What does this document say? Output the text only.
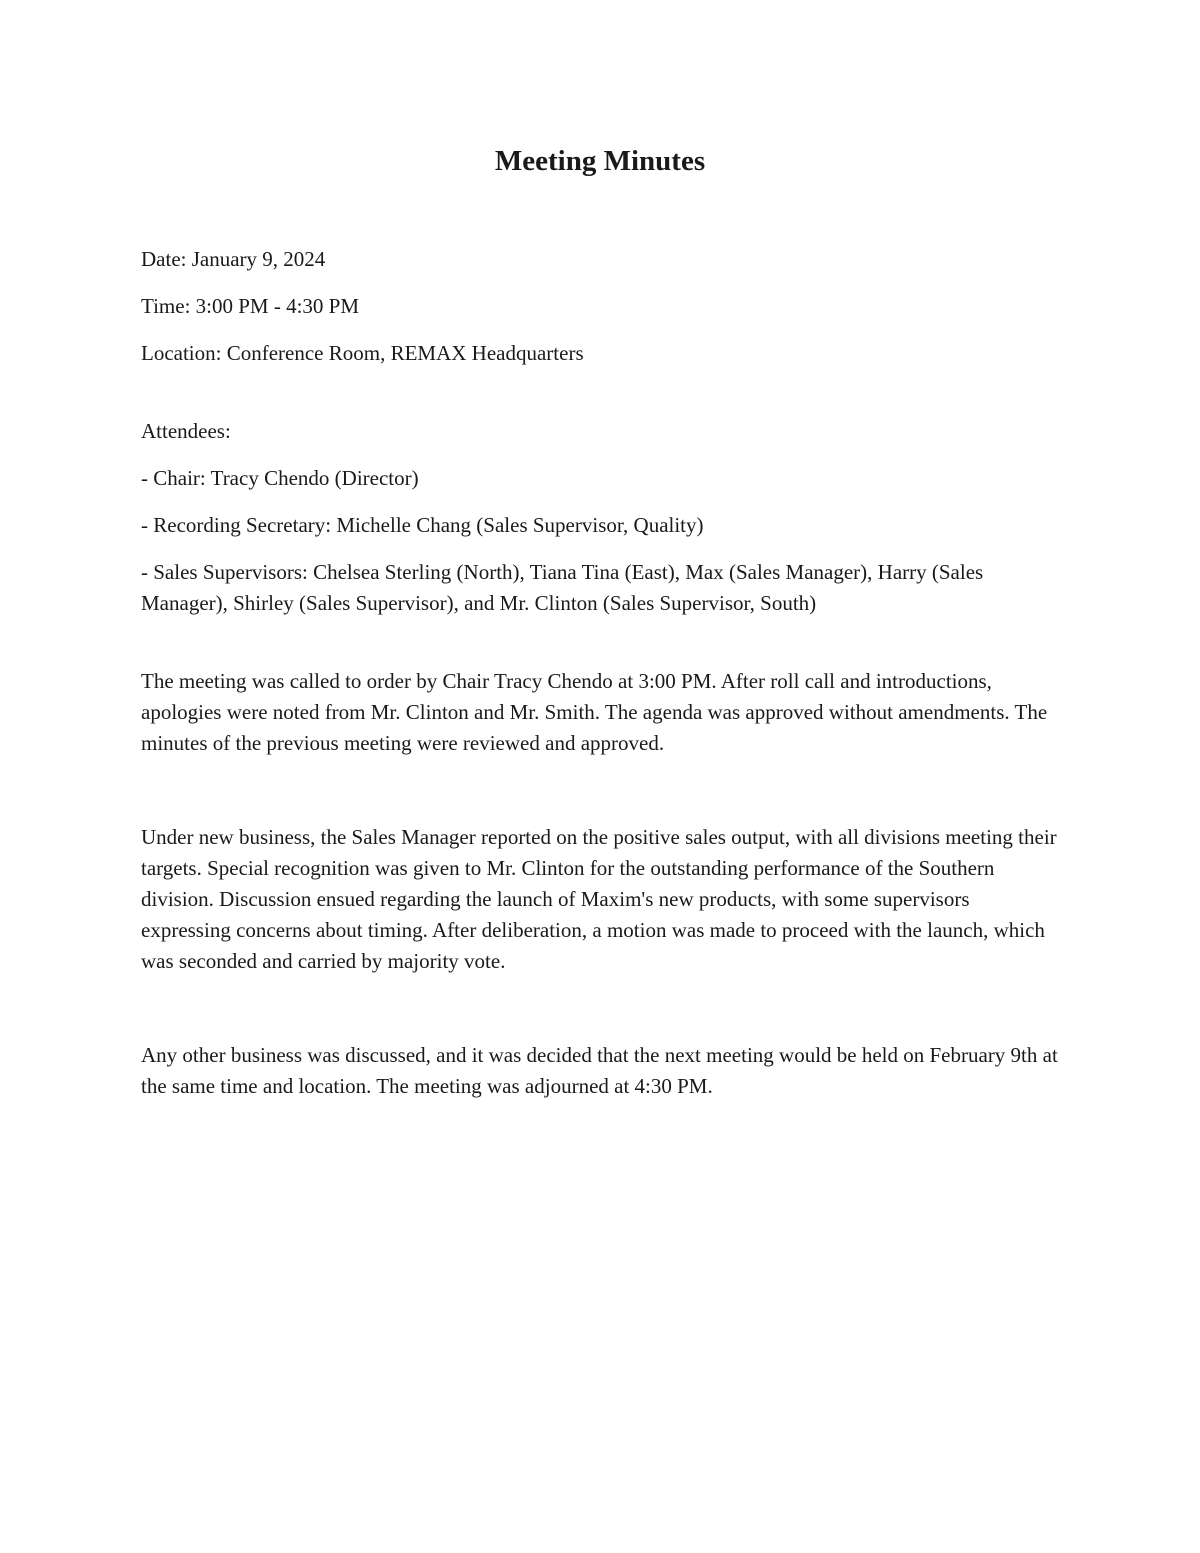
Meeting Minutes

Date: January 9, 2024

Time: 3:00 PM - 4:30 PM

Location: Conference Room, REMAX Headquarters

Attendees:

- Chair: Tracy Chendo (Director)

- Recording Secretary: Michelle Chang (Sales Supervisor, Quality)

- Sales Supervisors: Chelsea Sterling (North), Tiana Tina (East), Max (Sales Manager), Harry (Sales Manager), Shirley (Sales Supervisor), and Mr. Clinton (Sales Supervisor, South)

The meeting was called to order by Chair Tracy Chendo at 3:00 PM. After roll call and introductions, apologies were noted from Mr. Clinton and Mr. Smith. The agenda was approved without amendments. The minutes of the previous meeting were reviewed and approved.

Under new business, the Sales Manager reported on the positive sales output, with all divisions meeting their targets. Special recognition was given to Mr. Clinton for the outstanding performance of the Southern division. Discussion ensued regarding the launch of Maxim's new products, with some supervisors expressing concerns about timing. After deliberation, a motion was made to proceed with the launch, which was seconded and carried by majority vote.

Any other business was discussed, and it was decided that the next meeting would be held on February 9th at the same time and location. The meeting was adjourned at 4:30 PM.
